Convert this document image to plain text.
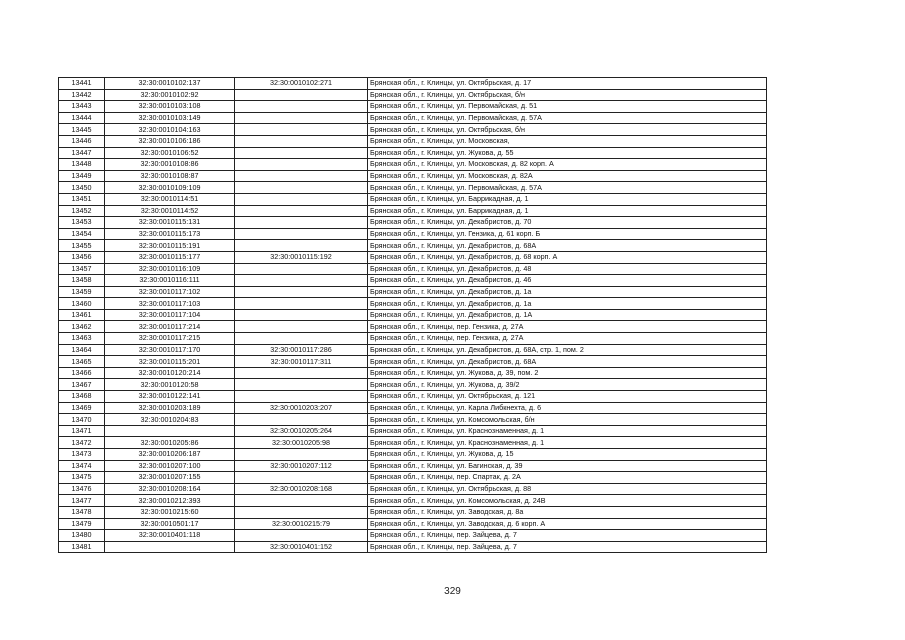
13441	32:30:0010102:137	32:30:0010102:271	Брянская обл., г. Клинцы, ул. Октябрьская, д. 17
13442	32:30:0010102:92		Брянская обл., г. Клинцы, ул. Октябрьская, б/н
13443	32:30:0010103:108		Брянская обл., г. Клинцы, ул. Первомайская, д. 51
13444	32:30:0010103:149		Брянская обл., г. Клинцы, ул. Первомайская, д. 57А
13445	32:30:0010104:163		Брянская обл., г. Клинцы, ул. Октябрьская, б/н
13446	32:30:0010106:186		Брянская обл., г. Клинцы, ул. Московская,
13447	32:30:0010106:52		Брянская обл., г. Клинцы, ул. Жукова, д. 55
13448	32:30:0010108:86		Брянская обл., г. Клинцы, ул. Московская, д. 82 корп. А
13449	32:30:0010108:87		Брянская обл., г. Клинцы, ул. Московская, д. 82А
13450	32:30:0010109:109		Брянская обл., г. Клинцы, ул. Первомайская, д. 57А
13451	32:30:0010114:51		Брянская обл., г. Клинцы, ул. Баррикадная, д. 1
13452	32:30:0010114:52		Брянская обл., г. Клинцы, ул. Баррикадная, д. 1
13453	32:30:0010115:131		Брянская обл., г. Клинцы, ул. Декабристов, д. 70
13454	32:30:0010115:173		Брянская обл., г. Клинцы, ул. Гензика, д. 61 корп. Б
13455	32:30:0010115:191		Брянская обл., г. Клинцы, ул. Декабристов, д. 68А
13456	32:30:0010115:177	32:30:0010115:192	Брянская обл., г. Клинцы, ул. Декабристов, д. 68 корп. А
13457	32:30:0010116:109		Брянская обл., г. Клинцы, ул. Декабристов, д. 48
13458	32:30:0010116:111		Брянская обл., г. Клинцы, ул. Декабристов, д. 46
13459	32:30:0010117:102		Брянская обл., г. Клинцы, ул. Декабристов, д. 1а
13460	32:30:0010117:103		Брянская обл., г. Клинцы, ул. Декабристов, д. 1а
13461	32:30:0010117:104		Брянская обл., г. Клинцы, ул. Декабристов, д. 1А
13462	32:30:0010117:214		Брянская обл., г. Клинцы, пер. Гензика, д. 27А
13463	32:30:0010117:215		Брянская обл., г. Клинцы, пер. Гензика, д. 27А
13464	32:30:0010117:170	32:30:0010117:286	Брянская обл., г. Клинцы, ул. Декабристов, д. 68А, стр. 1, пом. 2
13465	32:30:0010115:201	32:30:0010117:311	Брянская обл., г. Клинцы, ул. Декабристов, д. 68А
13466	32:30:0010120:214		Брянская обл., г. Клинцы, ул. Жукова, д. 39, пом. 2
13467	32:30:0010120:58		Брянская обл., г. Клинцы, ул. Жукова, д. 39/2
13468	32:30:0010122:141		Брянская обл., г. Клинцы, ул. Октябрьская, д. 121
13469	32:30:0010203:189	32:30:0010203:207	Брянская обл., г. Клинцы, ул. Карла Либкнехта, д. 6
13470	32:30:0010204:83		Брянская обл., г. Клинцы, ул. Комсомольская, б/н
13471		32:30:0010205:264	Брянская обл., г. Клинцы, ул. Краснознаменная, д. 1
13472	32:30:0010205:86	32:30:0010205:98	Брянская обл., г. Клинцы, ул. Краснознаменная, д. 1
13473	32:30:0010206:187		Брянская обл., г. Клинцы, ул. Жукова, д. 15
13474	32:30:0010207:100	32:30:0010207:112	Брянская обл., г. Клинцы, ул. Багинская, д. 39
13475	32:30:0010207:155		Брянская обл., г. Клинцы, пер. Спартак, д. 2А
13476	32:30:0010208:164	32:30:0010208:168	Брянская обл., г. Клинцы, ул. Октябрьская, д. 88
13477	32:30:0010212:393		Брянская обл., г. Клинцы, ул. Комсомольская, д. 24В
13478	32:30:0010215:60		Брянская обл., г. Клинцы, ул. Заводская, д. 8а
13479	32:30:0010501:17	32:30:0010215:79	Брянская обл., г. Клинцы, ул. Заводская, д. 6 корп. А
13480	32:30:0010401:118		Брянская обл., г. Клинцы, пер. Зайцева, д. 7
13481		32:30:0010401:152	Брянская обл., г. Клинцы, пер. Зайцева, д. 7
329
